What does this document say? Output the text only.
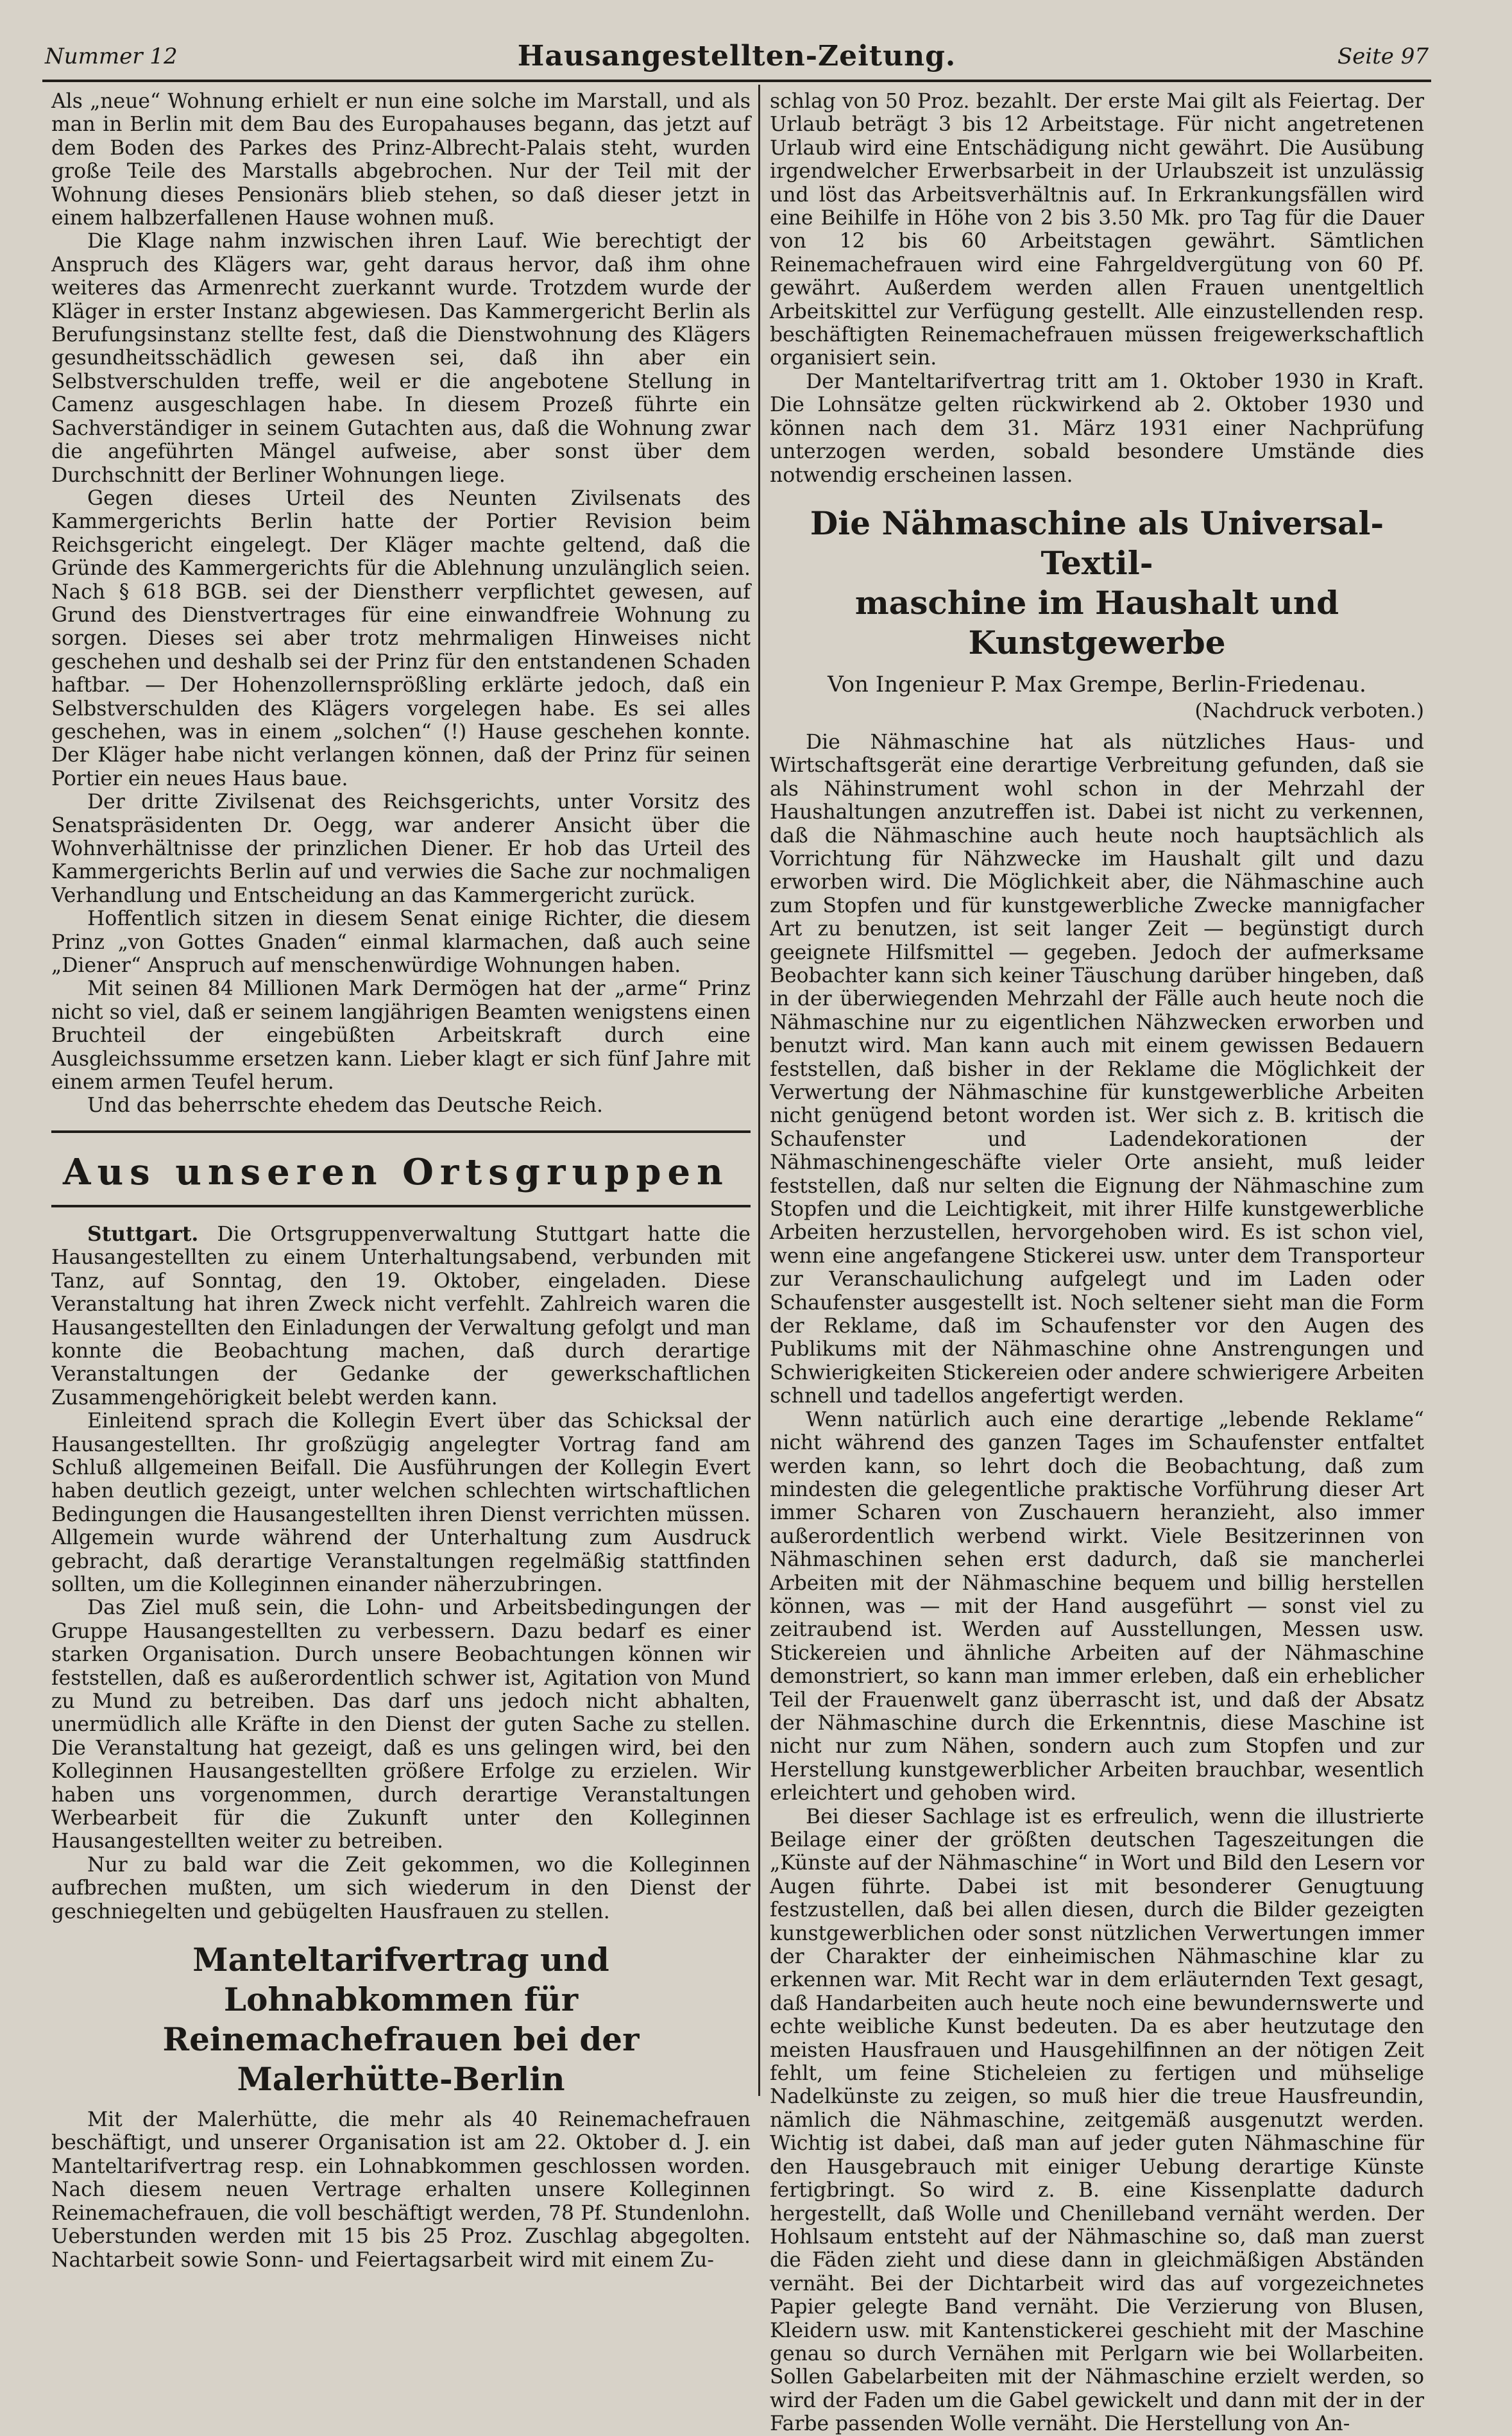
Nummer 12	Hausangestellten-Zeitung.	Seite 97

Als „neue“ Wohnung erhielt er nun eine solche im Marstall, und als man in Berlin mit dem Bau des Europahauses begann, das jetzt auf dem Boden des Parkes des Prinz-Albrecht-Palais steht, wurden große Teile des Marstalls abgebrochen. Nur der Teil mit der Wohnung dieses Pensionärs blieb stehen, so daß dieser jetzt in einem halbzerfallenen Hause wohnen muß.

Die Klage nahm inzwischen ihren Lauf. Wie berechtigt der Anspruch des Klägers war, geht daraus hervor, daß ihm ohne weiteres das Armenrecht zuerkannt wurde. Trotzdem wurde der Kläger in erster Instanz abgewiesen. Das Kammergericht Berlin als Berufungsinstanz stellte fest, daß die Dienstwohnung des Klägers gesundheitsschädlich gewesen sei, daß ihn aber ein Selbstverschulden treffe, weil er die angebotene Stellung in Camenz ausgeschlagen habe. In diesem Prozeß führte ein Sachverständiger in seinem Gutachten aus, daß die Wohnung zwar die angeführten Mängel aufweise, aber sonst über dem Durchschnitt der Berliner Wohnungen liege.

Gegen dieses Urteil des Neunten Zivilsenats des Kammergerichts Berlin hatte der Portier Revision beim Reichsgericht eingelegt. Der Kläger machte geltend, daß die Gründe des Kammergerichts für die Ablehnung unzulänglich seien. Nach § 618 BGB. sei der Dienstherr verpflichtet gewesen, auf Grund des Dienstvertrages für eine einwandfreie Wohnung zu sorgen. Dieses sei aber trotz mehrmaligen Hinweises nicht geschehen und deshalb sei der Prinz für den entstandenen Schaden haftbar. — Der Hohenzollernsprößling erklärte jedoch, daß ein Selbstverschulden des Klägers vorgelegen habe. Es sei alles geschehen, was in einem „solchen“ (!) Hause geschehen konnte. Der Kläger habe nicht verlangen können, daß der Prinz für seinen Portier ein neues Haus baue.

Der dritte Zivilsenat des Reichsgerichts, unter Vorsitz des Senatspräsidenten Dr. Oegg, war anderer Ansicht über die Wohnverhältnisse der prinzlichen Diener. Er hob das Urteil des Kammergerichts Berlin auf und verwies die Sache zur nochmaligen Verhandlung und Entscheidung an das Kammergericht zurück.

Hoffentlich sitzen in diesem Senat einige Richter, die diesem Prinz „von Gottes Gnaden“ einmal klarmachen, daß auch seine „Diener“ Anspruch auf menschenwürdige Wohnungen haben.

Mit seinen 84 Millionen Mark Dermögen hat der „arme“ Prinz nicht so viel, daß er seinem langjährigen Beamten wenigstens einen Bruchteil der eingebüßten Arbeitskraft durch eine Ausgleichssumme ersetzen kann. Lieber klagt er sich fünf Jahre mit einem armen Teufel herum.

Und das beherrschte ehedem das Deutsche Reich.

Aus unseren Ortsgruppen

Stuttgart. Die Ortsgruppenverwaltung Stuttgart hatte die Hausangestellten zu einem Unterhaltungsabend, verbunden mit Tanz, auf Sonntag, den 19. Oktober, eingeladen. Diese Veranstaltung hat ihren Zweck nicht verfehlt. Zahlreich waren die Hausangestellten den Einladungen der Verwaltung gefolgt und man konnte die Beobachtung machen, daß durch derartige Veranstaltungen der Gedanke der gewerkschaftlichen Zusammengehörigkeit belebt werden kann.

Einleitend sprach die Kollegin Evert über das Schicksal der Hausangestellten. Ihr großzügig angelegter Vortrag fand am Schluß allgemeinen Beifall. Die Ausführungen der Kollegin Evert haben deutlich gezeigt, unter welchen schlechten wirtschaftlichen Bedingungen die Hausangestellten ihren Dienst verrichten müssen. Allgemein wurde während der Unterhaltung zum Ausdruck gebracht, daß derartige Veranstaltungen regelmäßig stattfinden sollten, um die Kolleginnen einander näherzubringen.

Das Ziel muß sein, die Lohn- und Arbeitsbedingungen der Gruppe Hausangestellten zu verbessern. Dazu bedarf es einer starken Organisation. Durch unsere Beobachtungen können wir feststellen, daß es außerordentlich schwer ist, Agitation von Mund zu Mund zu betreiben. Das darf uns jedoch nicht abhalten, unermüdlich alle Kräfte in den Dienst der guten Sache zu stellen. Die Veranstaltung hat gezeigt, daß es uns gelingen wird, bei den Kolleginnen Hausangestellten größere Erfolge zu erzielen. Wir haben uns vorgenommen, durch derartige Veranstaltungen Werbearbeit für die Zukunft unter den Kolleginnen Hausangestellten weiter zu betreiben.

Nur zu bald war die Zeit gekommen, wo die Kolleginnen aufbrechen mußten, um sich wiederum in den Dienst der geschniegelten und gebügelten Hausfrauen zu stellen.

Manteltarifvertrag und Lohnabkommen für
Reinemachefrauen bei der Malerhütte-Berlin

Mit der Malerhütte, die mehr als 40 Reinemachefrauen beschäftigt, und unserer Organisation ist am 22. Oktober d. J. ein Manteltarifvertrag resp. ein Lohnabkommen geschlossen worden. Nach diesem neuen Vertrage erhalten unsere Kolleginnen Reinemachefrauen, die voll beschäftigt werden, 78 Pf. Stundenlohn. Ueberstunden werden mit 15 bis 25 Proz. Zuschlag abgegolten. Nachtarbeit sowie Sonn- und Feiertagsarbeit wird mit einem Zu-

schlag von 50 Proz. bezahlt. Der erste Mai gilt als Feiertag. Der Urlaub beträgt 3 bis 12 Arbeitstage. Für nicht angetretenen Urlaub wird eine Entschädigung nicht gewährt. Die Ausübung irgendwelcher Erwerbsarbeit in der Urlaubszeit ist unzulässig und löst das Arbeitsverhältnis auf. In Erkrankungsfällen wird eine Beihilfe in Höhe von 2 bis 3.50 Mk. pro Tag für die Dauer von 12 bis 60 Arbeitstagen gewährt. Sämtlichen Reinemachefrauen wird eine Fahrgeldvergütung von 60 Pf. gewährt. Außerdem werden allen Frauen unentgeltlich Arbeitskittel zur Verfügung gestellt. Alle einzustellenden resp. beschäftigten Reinemachefrauen müssen freigewerkschaftlich organisiert sein.

Der Manteltarifvertrag tritt am 1. Oktober 1930 in Kraft. Die Lohnsätze gelten rückwirkend ab 2. Oktober 1930 und können nach dem 31. März 1931 einer Nachprüfung unterzogen werden, sobald besondere Umstände dies notwendig erscheinen lassen.

Die Nähmaschine als Universal-Textil-
maschine im Haushalt und Kunstgewerbe
Von Ingenieur P. Max Grempe, Berlin-Friedenau.
(Nachdruck verboten.)

Die Nähmaschine hat als nützliches Haus- und Wirtschaftsgerät eine derartige Verbreitung gefunden, daß sie als Nähinstrument wohl schon in der Mehrzahl der Haushaltungen anzutreffen ist. Dabei ist nicht zu verkennen, daß die Nähmaschine auch heute noch hauptsächlich als Vorrichtung für Nähzwecke im Haushalt gilt und dazu erworben wird. Die Möglichkeit aber, die Nähmaschine auch zum Stopfen und für kunstgewerbliche Zwecke mannigfacher Art zu benutzen, ist seit langer Zeit — begünstigt durch geeignete Hilfsmittel — gegeben. Jedoch der aufmerksame Beobachter kann sich keiner Täuschung darüber hingeben, daß in der überwiegenden Mehrzahl der Fälle auch heute noch die Nähmaschine nur zu eigentlichen Nähzwecken erworben und benutzt wird. Man kann auch mit einem gewissen Bedauern feststellen, daß bisher in der Reklame die Möglichkeit der Verwertung der Nähmaschine für kunstgewerbliche Arbeiten nicht genügend betont worden ist. Wer sich z. B. kritisch die Schaufenster und Ladendekorationen der Nähmaschinengeschäfte vieler Orte ansieht, muß leider feststellen, daß nur selten die Eignung der Nähmaschine zum Stopfen und die Leichtigkeit, mit ihrer Hilfe kunstgewerbliche Arbeiten herzustellen, hervorgehoben wird. Es ist schon viel, wenn eine angefangene Stickerei usw. unter dem Transporteur zur Veranschaulichung aufgelegt und im Laden oder Schaufenster ausgestellt ist. Noch seltener sieht man die Form der Reklame, daß im Schaufenster vor den Augen des Publikums mit der Nähmaschine ohne Anstrengungen und Schwierigkeiten Stickereien oder andere schwierigere Arbeiten schnell und tadellos angefertigt werden.

Wenn natürlich auch eine derartige „lebende Reklame“ nicht während des ganzen Tages im Schaufenster entfaltet werden kann, so lehrt doch die Beobachtung, daß zum mindesten die gelegentliche praktische Vorführung dieser Art immer Scharen von Zuschauern heranzieht, also immer außerordentlich werbend wirkt. Viele Besitzerinnen von Nähmaschinen sehen erst dadurch, daß sie mancherlei Arbeiten mit der Nähmaschine bequem und billig herstellen können, was — mit der Hand ausgeführt — sonst viel zu zeitraubend ist. Werden auf Ausstellungen, Messen usw. Stickereien und ähnliche Arbeiten auf der Nähmaschine demonstriert, so kann man immer erleben, daß ein erheblicher Teil der Frauenwelt ganz überrascht ist, und daß der Absatz der Nähmaschine durch die Erkenntnis, diese Maschine ist nicht nur zum Nähen, sondern auch zum Stopfen und zur Herstellung kunstgewerblicher Arbeiten brauchbar, wesentlich erleichtert und gehoben wird.

Bei dieser Sachlage ist es erfreulich, wenn die illustrierte Beilage einer der größten deutschen Tageszeitungen die „Künste auf der Nähmaschine“ in Wort und Bild den Lesern vor Augen führte. Dabei ist mit besonderer Genugtuung festzustellen, daß bei allen diesen, durch die Bilder gezeigten kunstgewerblichen oder sonst nützlichen Verwertungen immer der Charakter der einheimischen Nähmaschine klar zu erkennen war. Mit Recht war in dem erläuternden Text gesagt, daß Handarbeiten auch heute noch eine bewundernswerte und echte weibliche Kunst bedeuten. Da es aber heutzutage den meisten Hausfrauen und Hausgehilfinnen an der nötigen Zeit fehlt, um feine Sticheleien zu fertigen und mühselige Nadelkünste zu zeigen, so muß hier die treue Hausfreundin, nämlich die Nähmaschine, zeitgemäß ausgenutzt werden. Wichtig ist dabei, daß man auf jeder guten Nähmaschine für den Hausgebrauch mit einiger Uebung derartige Künste fertigbringt. So wird z. B. eine Kissenplatte dadurch hergestellt, daß Wolle und Chenilleband vernäht werden. Der Hohlsaum entsteht auf der Nähmaschine so, daß man zuerst die Fäden zieht und diese dann in gleichmäßigen Abständen vernäht. Bei der Dichtarbeit wird das auf vorgezeichnetes Papier gelegte Band vernäht. Die Verzierung von Blusen, Kleidern usw. mit Kantenstickerei geschieht mit der Maschine genau so durch Vernähen mit Perlgarn wie bei Wollarbeiten. Sollen Gabelarbeiten mit der Nähmaschine erzielt werden, so wird der Faden um die Gabel gewickelt und dann mit der in der Farbe passenden Wolle vernäht. Die Herstellung von An-
